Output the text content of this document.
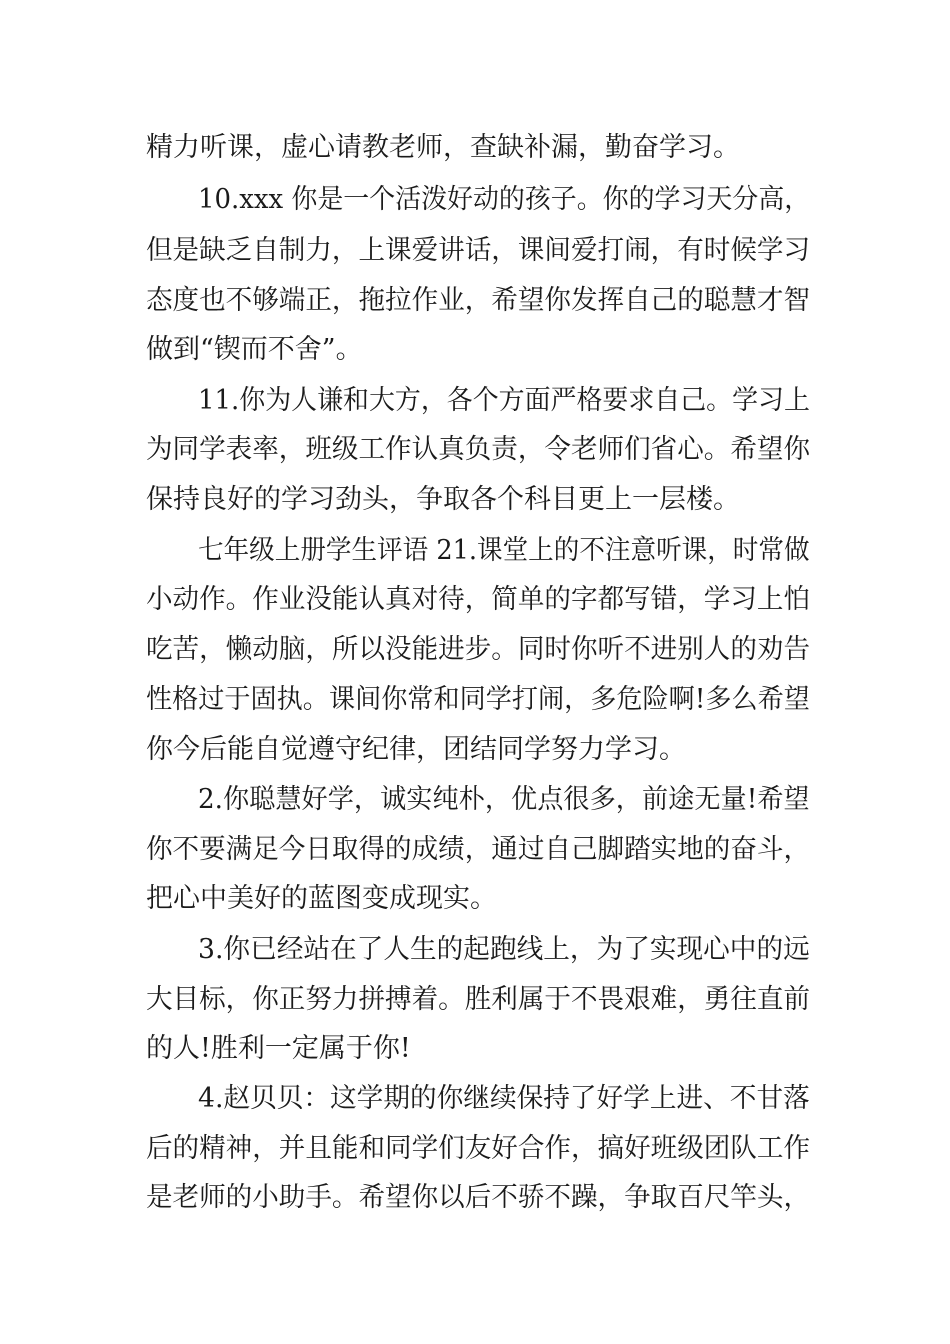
精力听课，虚心请教老师，查缺补漏，勤奋学习。
10.xxx 你是一个活泼好动的孩子。你的学习天分高，
但是缺乏自制力，上课爱讲话，课间爱打闹，有时候学习
态度也不够端正，拖拉作业，希望你发挥自己的聪慧才智
做到“锲而不舍”。
11.你为人谦和大方，各个方面严格要求自己。学习上
为同学表率，班级工作认真负责，令老师们省心。希望你
保持良好的学习劲头，争取各个科目更上一层楼。
七年级上册学生评语 21.课堂上的不注意听课，时常做
小动作。作业没能认真对待，简单的字都写错，学习上怕
吃苦，懒动脑，所以没能进步。同时你听不进别人的劝告
性格过于固执。课间你常和同学打闹，多危险啊!多么希望
你今后能自觉遵守纪律，团结同学努力学习。
2.你聪慧好学，诚实纯朴，优点很多，前途无量!希望
你不要满足今日取得的成绩，通过自己脚踏实地的奋斗，
把心中美好的蓝图变成现实。
3.你已经站在了人生的起跑线上，为了实现心中的远
大目标，你正努力拼搏着。胜利属于不畏艰难，勇往直前
的人!胜利一定属于你!
4.赵贝贝：这学期的你继续保持了好学上进、不甘落
后的精神，并且能和同学们友好合作，搞好班级团队工作
是老师的小助手。希望你以后不骄不躁，争取百尺竿头，
